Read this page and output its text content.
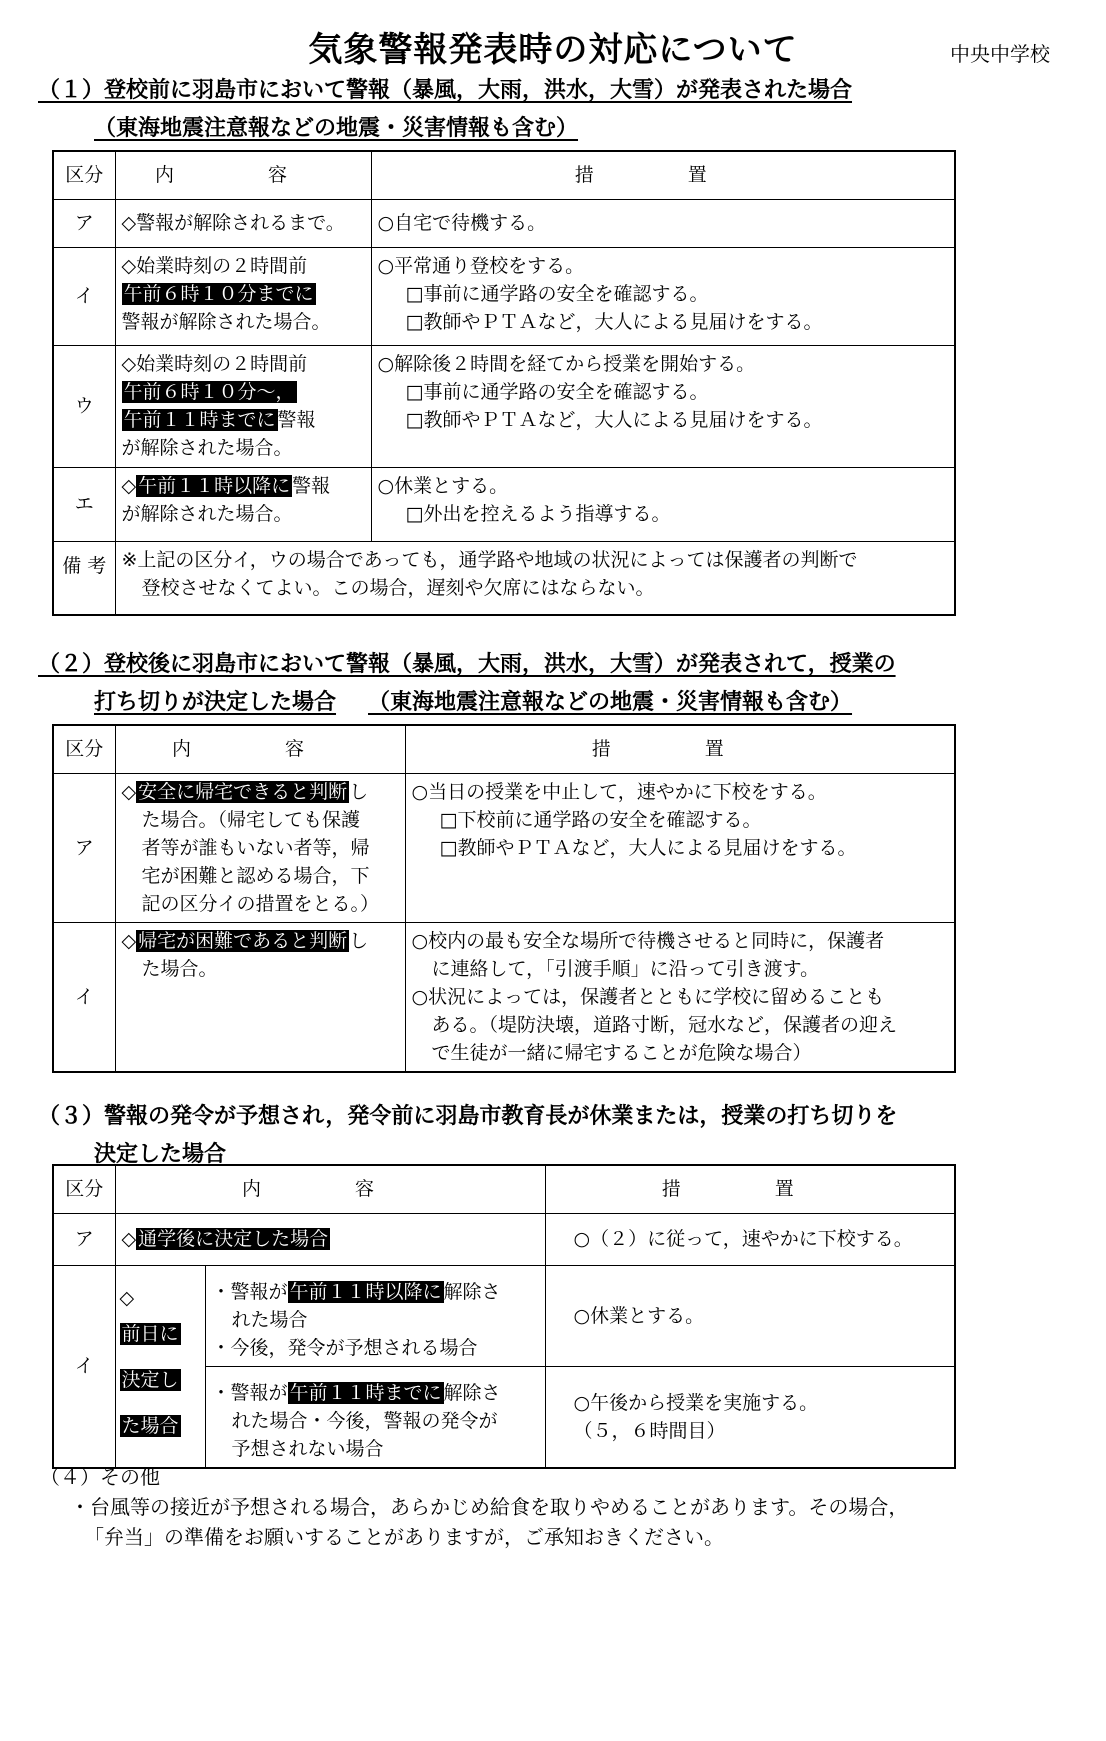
気象警報発表時の対応について	中央中学校
（１）登校前に羽島市において警報（暴風，大雨，洪水，大雪）が発表された場合
（東海地震注意報などの地震・災害情報も含む）
区分	内 容	措 置
ア	◇警報が解除されるまで。	○自宅で待機する。
イ	◇始業時刻の２時間前
午前６時１０分までに
警報が解除された場合。	○平常通り登校をする。
□事前に通学路の安全を確認する。
□教師やＰＴＡなど，大人による見届けをする。

ウ	◇始業時刻の２時間前
午前６時１０分～，
午前１１時までに 警報
が解除された場合。	○解除後２時間を経てから授業を開始する。
□事前に通学路の安全を確認する。
□教師やＰＴＡなど，大人による見届けをする。

エ	◇ 午前１１時以降に 警報
が解除された場合。	○休業とする。
□外出を控えるよう指導する。

備 考	※上記の区分イ，ウの場合であっても，通学路や地域の状況によっては保護者の判断で
登校させなくてよい。この場合，遅刻や欠席にはならない。	
（２）登校後に羽島市において警報（暴風，大雨，洪水，大雪）が発表されて，授業の
打ち切りが決定した場合 （東海地震注意報などの地震・災害情報も含む）
区分	内 容	措 置
ア	◇ 安全に帰宅できると判断 し
た場合。（帰宅しても保護
者等が誰もいない者等，帰
宅が困難と認める場合，下
記の区分イの措置をとる。）	○当日の授業を中止して，速やかに下校をする。
□下校前に通学路の安全を確認する。
□教師やＰＴＡなど，大人による見届けをする。

イ	◇ 帰宅が困難であると判断 し
た場合。	○校内の最も安全な場所で待機させると同時に，保護者
に連絡して，「引渡手順」に沿って引き渡す。
○状況によっては，保護者とともに学校に留めることも
ある。（堤防決壊，道路寸断，冠水など，保護者の迎え
で生徒が一緒に帰宅することが危険な場合）
（３）警報の発令が予想され，発令前に羽島市教育長が休業または，授業の打ち切りを
決定した場合
区分	内 容		措 置
ア	◇ 通学後に決定した場合		○（２）に従って，速やかに下校する。
イ	◇
前日に
決定し
た場合	・警報が 午前１１時以降に 解除さ
れた場合
・今後，発令が予想される場合	○休業とする。

		・警報が 午前１１時までに 解除さ
れた場合・今後，警報の発令が
予想されない場合	○午後から授業を実施する。
（５，６時間目）
（４）その他
・台風等の接近が予想される場合，あらかじめ給食を取りやめることがあります。その場合，
「弁当」の準備をお願いすることがありますが，ご承知おきください。
